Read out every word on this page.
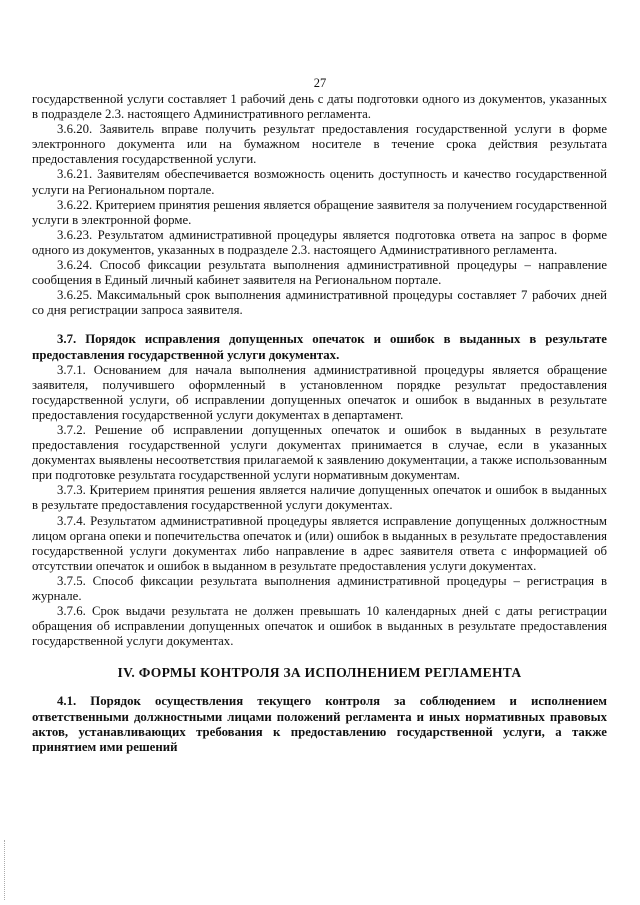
27

государственной услуги составляет 1 рабочий день с даты подготовки одного из документов, указанных в подразделе 2.3. настоящего Административного регламента.

3.6.20. Заявитель вправе получить результат предоставления государственной услуги в форме электронного документа или на бумажном носителе в течение срока действия результата предоставления государственной услуги.

3.6.21. Заявителям обеспечивается возможность оценить доступность и качество государственной услуги на Региональном портале.

3.6.22. Критерием принятия решения является обращение заявителя за получением государственной услуги в электронной форме.

3.6.23. Результатом административной процедуры является подготовка ответа на запрос в форме одного из документов, указанных в подразделе 2.3. настоящего Административного регламента.

3.6.24. Способ фиксации результата выполнения административной процедуры – направление сообщения в Единый личный кабинет заявителя на Региональном портале.

3.6.25. Максимальный срок выполнения административной процедуры составляет 7 рабочих дней со дня регистрации запроса заявителя.

3.7. Порядок исправления допущенных опечаток и ошибок в выданных в результате предоставления государственной услуги документах.

3.7.1. Основанием для начала выполнения административной процедуры является обращение заявителя, получившего оформленный в установленном порядке результат предоставления государственной услуги, об исправлении допущенных опечаток и ошибок в выданных в результате предоставления государственной услуги документах в департамент.

3.7.2. Решение об исправлении допущенных опечаток и ошибок в выданных в результате предоставления государственной услуги документах принимается в случае, если в указанных документах выявлены несоответствия прилагаемой к заявлению документации, а также использованным при подготовке результата государственной услуги нормативным документам.

3.7.3. Критерием принятия решения является наличие допущенных опечаток и ошибок в выданных в результате предоставления государственной услуги документах.

3.7.4. Результатом административной процедуры является исправление допущенных должностным лицом органа опеки и попечительства опечаток и (или) ошибок в выданных в результате предоставления государственной услуги документах либо направление в адрес заявителя ответа с информацией об отсутствии опечаток и ошибок в выданном в результате предоставления услуги документах.

3.7.5. Способ фиксации результата выполнения административной процедуры – регистрация в журнале.

3.7.6. Срок выдачи результата не должен превышать 10 календарных дней с даты регистрации обращения об исправлении допущенных опечаток и ошибок в выданных в результате предоставления государственной услуги документах.

IV. ФОРМЫ КОНТРОЛЯ ЗА ИСПОЛНЕНИЕМ РЕГЛАМЕНТА

4.1. Порядок осуществления текущего контроля за соблюдением и исполнением ответственными должностными лицами положений регламента и иных нормативных правовых актов, устанавливающих требования к предоставлению государственной услуги, а также принятием ими решений
